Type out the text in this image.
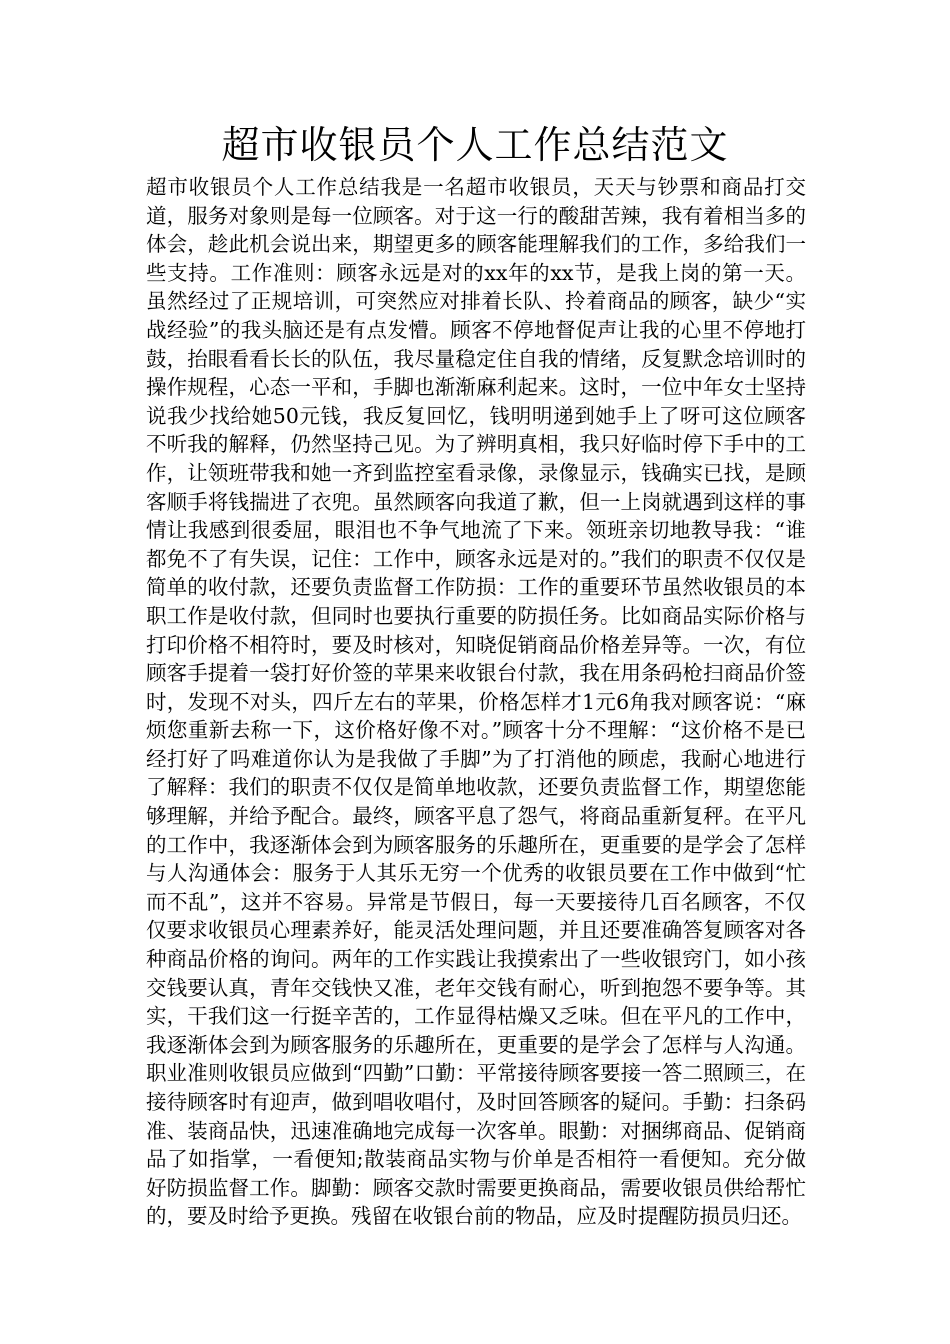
超市收银员个人工作总结范文

超市收银员个人工作总结我是一名超市收银员，天天与钞票和商品打交道，服务对象则是每一位顾客。对于这一行的酸甜苦辣，我有着相当多的体会，趁此机会说出来，期望更多的顾客能理解我们的工作，多给我们一些支持。工作准则：顾客永远是对的xx年的xx节，是我上岗的第一天。虽然经过了正规培训，可突然应对排着长队、拎着商品的顾客，缺少“实战经验”的我头脑还是有点发懵。顾客不停地督促声让我的心里不停地打鼓，抬眼看看长长的队伍，我尽量稳定住自我的情绪，反复默念培训时的操作规程，心态一平和，手脚也渐渐麻利起来。这时，一位中年女士坚持说我少找给她50元钱，我反复回忆，钱明明递到她手上了呀可这位顾客不听我的解释，仍然坚持己见。为了辨明真相，我只好临时停下手中的工作，让领班带我和她一齐到监控室看录像，录像显示，钱确实已找，是顾客顺手将钱揣进了衣兜。虽然顾客向我道了歉，但一上岗就遇到这样的事情让我感到很委屈，眼泪也不争气地流了下来。领班亲切地教导我：“谁都免不了有失误，记住：工作中，顾客永远是对的。”我们的职责不仅仅是简单的收付款，还要负责监督工作防损：工作的重要环节虽然收银员的本职工作是收付款，但同时也要执行重要的防损任务。比如商品实际价格与打印价格不相符时，要及时核对，知晓促销商品价格差异等。一次，有位顾客手提着一袋打好价签的苹果来收银台付款，我在用条码枪扫商品价签时，发现不对头，四斤左右的苹果，价格怎样才1元6角我对顾客说：“麻烦您重新去称一下，这价格好像不对。”顾客十分不理解：“这价格不是已经打好了吗难道你认为是我做了手脚”为了打消他的顾虑，我耐心地进行了解释：我们的职责不仅仅是简单地收款，还要负责监督工作，期望您能够理解，并给予配合。最终，顾客平息了怨气，将商品重新复秤。在平凡的工作中，我逐渐体会到为顾客服务的乐趣所在，更重要的是学会了怎样与人沟通体会：服务于人其乐无穷一个优秀的收银员要在工作中做到“忙而不乱”，这并不容易。异常是节假日，每一天要接待几百名顾客，不仅仅要求收银员心理素养好，能灵活处理问题，并且还要准确答复顾客对各种商品价格的询问。两年的工作实践让我摸索出了一些收银窍门，如小孩交钱要认真，青年交钱快又准，老年交钱有耐心，听到抱怨不要争等。其实，干我们这一行挺辛苦的，工作显得枯燥又乏味。但在平凡的工作中，我逐渐体会到为顾客服务的乐趣所在，更重要的是学会了怎样与人沟通。职业准则收银员应做到“四勤”口勤：平常接待顾客要接一答二照顾三，在接待顾客时有迎声，做到唱收唱付，及时回答顾客的疑问。手勤：扫条码准、装商品快，迅速准确地完成每一次客单。眼勤：对捆绑商品、促销商品了如指掌，一看便知;散装商品实物与价单是否相符一看便知。充分做好防损监督工作。脚勤：顾客交款时需要更换商品，需要收银员供给帮忙的，要及时给予更换。残留在收银台前的物品，应及时提醒防损员归还。
